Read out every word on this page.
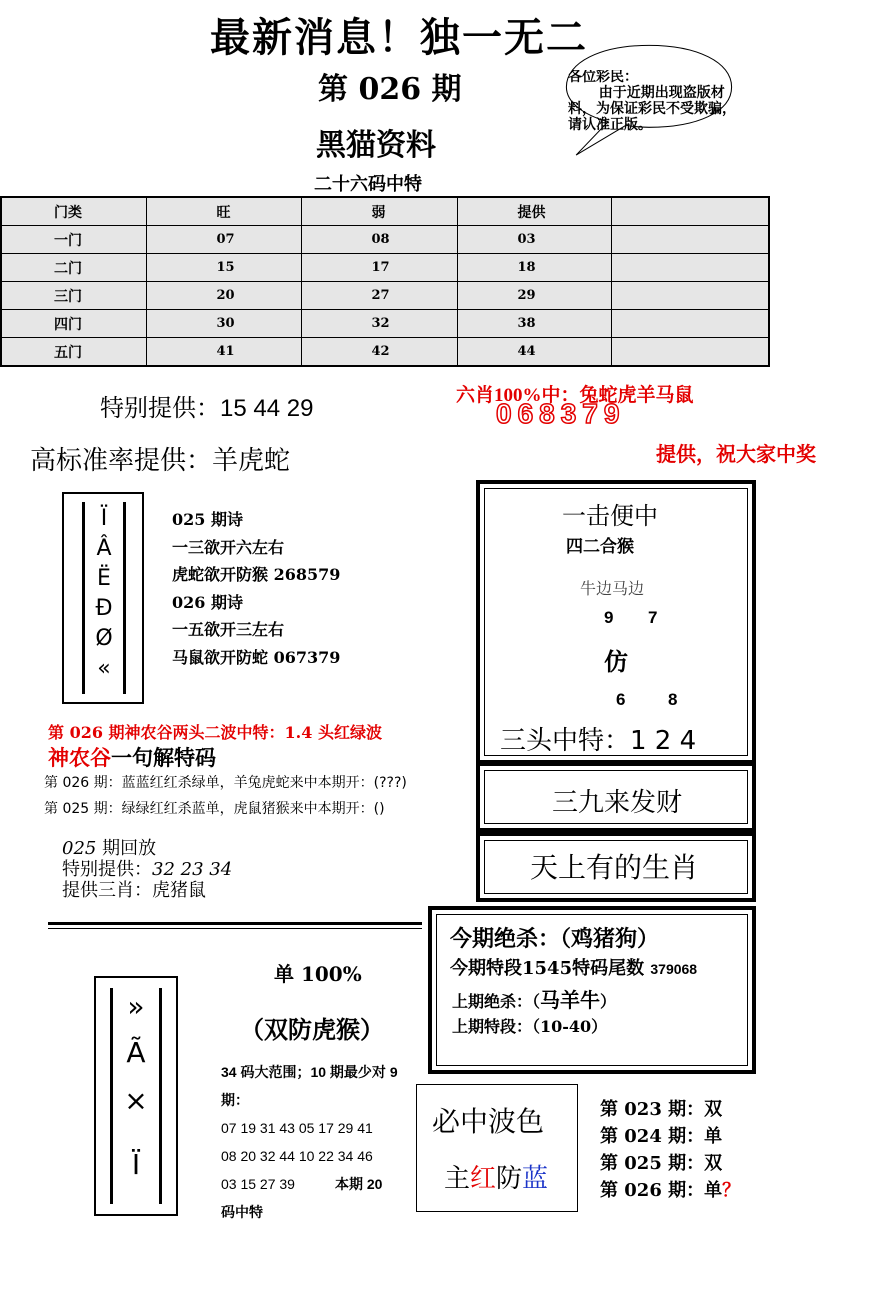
最新消息！独一无二
第 026 期
黑猫资料
二十六码中特
各位彩民：
由于近期出现盗版材料，为保证彩民不受欺骗，请认准正版。
门类	旺	弱	提供	
一门	07	08	03	
二门	15	17	18	
三门	20	27	29	
四门	30	32	38	
五门	41	42	44	
特别提供：15 44 29	六肖100%中：兔蛇虎羊马鼠
068379
提供，祝大家中奖
高标准率提供：羊虎蛇
Ï
Â
Ë
Ð
Ø
«
025 期诗
一三欲开六左右
虎蛇欲开防猴 268579
026 期诗
一五欲开三左右
马鼠欲开防蛇 067379
第 026 期神农谷两头二波中特：1.4 头红绿波
神农谷一句解特码
第 026 期：蓝蓝红红杀绿单，羊兔虎蛇来中本期开：(???)
第 025 期：绿绿红红杀蓝单，虎鼠猪猴来中本期开：()
025 期回放
特别提供：32 23 34
提供三肖：虎猪鼠
一击便中
四二合猴
牛边马边
9 7
仿
6	8
三头中特：1 2 4
三九来发财
天上有的生肖
今期绝杀：（鸡猪狗）
今期特段1545特码尾数 379068
上期绝杀：（马羊牛）
上期特段：（10-40）
»
Ã
×
Ï
单 100%
（双防虎猴）
34 码大范围；10 期最少对 9 期：
07 19 31 43 05 17 29 41
08 20 32 44 10 22 34 46
03 15 27 39	本期 20
码中特
必中波色
主红防蓝
第 023 期：双
第 024 期：单
第 025 期：双
第 026 期：单？
